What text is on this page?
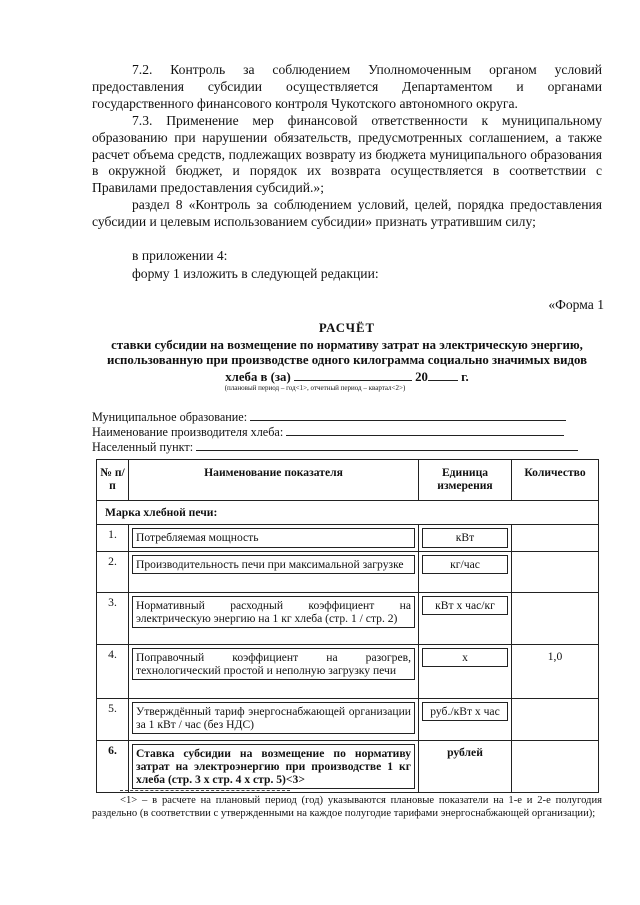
7.2. Контроль за соблюдением Уполномоченным органом условий предоставления субсидии осуществляется Департаментом и органами государственного финансового контроля Чукотского автономного округа.

7.3. Применение мер финансовой ответственности к муниципальному образованию при нарушении обязательств, предусмотренных соглашением, а также расчет объема средств, подлежащих возврату из бюджета муниципального образования в окружной бюджет, и порядок их возврата осуществляется в соответствии с Правилами предоставления субсидий.»;

раздел 8 «Контроль за соблюдением условий, целей, порядка предоставления субсидии и целевым использованием субсидии» признать утратившим силу;

в приложении 4:

форму 1 изложить в следующей редакции:

«Форма 1

РАСЧЁТ

ставки субсидии на возмещение по нормативу затрат на электрическую энергию, использованную при производстве одного килограмма социально значимых видов

хлеба в (за)	20	г.

(плановый период – год<1>, отчетный период – квартал<2>)

Муниципальное образование:
Наименование производителя хлеба:
Населенный пункт:
№ п/п	Наименование показателя	Единица измерения	Количество
Марка хлебной печи:			
1.	Потребляемая мощность	кВт	

2.	Производительность печи при максимальной загрузке	кг/час	

3.	Нормативный расходный коэффициент на электрическую энергию на 1 кг хлеба (стр. 1 / стр. 2)	кВт х час/кг	

4.	Поправочный коэффициент на разогрев, технологический простой и неполную загрузку печи	х	1,0
5.	Утверждённый тариф энергоснабжающей организации за 1 кВт / час (без НДС)	руб./кВт х час	

6.	Ставка субсидии на возмещение по нормативу затрат на электроэнергию при производстве 1 кг хлеба (стр. 3 х стр. 4 х стр. 5)<3>	рублей	

<1> – в расчете на плановый период (год) указываются плановые показатели на 1-е и 2-е полугодия раздельно (в соответствии с утвержденными на каждое полугодие тарифами энергоснабжающей организации);
